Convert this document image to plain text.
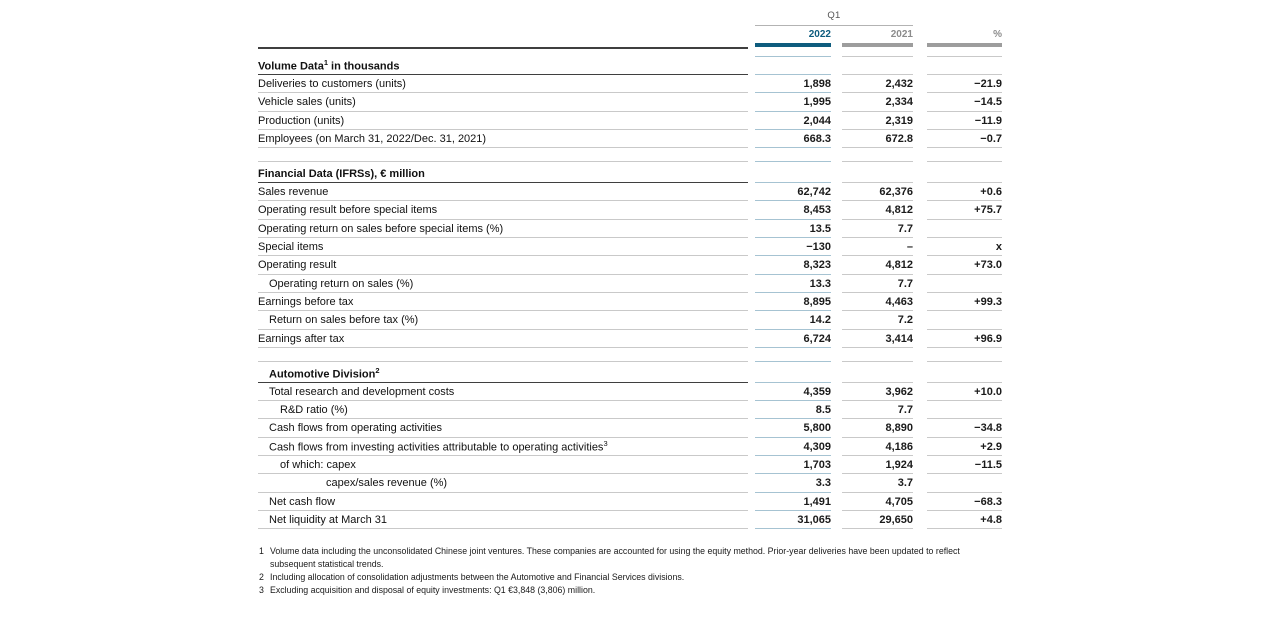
Q1
2022	2021	%
Volume Data$^1$ in thousands
Deliveries to customers (units)	1,898	2,432	−21.9
Vehicle sales (units)	1,995	2,334	−14.5
Production (units)	2,044	2,319	−11.9
Employees (on March 31, 2022/Dec. 31, 2021)	668.3	672.8	−0.7
Financial Data (IFRSs), € million
Sales revenue	62,742	62,376	+0.6
Operating result before special items	8,453	4,812	+75.7
Operating return on sales before special items (%)	13.5	7.7
Special items	−130	–	x
Operating result	8,323	4,812	+73.0
Operating return on sales (%)	13.3	7.7
Earnings before tax	8,895	4,463	+99.3
Return on sales before tax (%)	14.2	7.2
Earnings after tax	6,724	3,414	+96.9
Automotive Division$^2$
Total research and development costs	4,359	3,962	+10.0
R&D ratio (%)	8.5	7.7
Cash flows from operating activities	5,800	8,890	−34.8
Cash flows from investing activities attributable to operating activities$^3$	4,309	4,186	+2.9
of which: capex	1,703	1,924	−11.5
capex/sales revenue (%)	3.3	3.7
Net cash flow	1,491	4,705	−68.3
Net liquidity at March 31	31,065	29,650	+4.8
1 Volume data including the unconsolidated Chinese joint ventures. These companies are accounted for using the equity method. Prior-year deliveries have been updated to reflect subsequent statistical trends.
2 Including allocation of consolidation adjustments between the Automotive and Financial Services divisions.
3 Excluding acquisition and disposal of equity investments: Q1 €3,848 (3,806) million.
